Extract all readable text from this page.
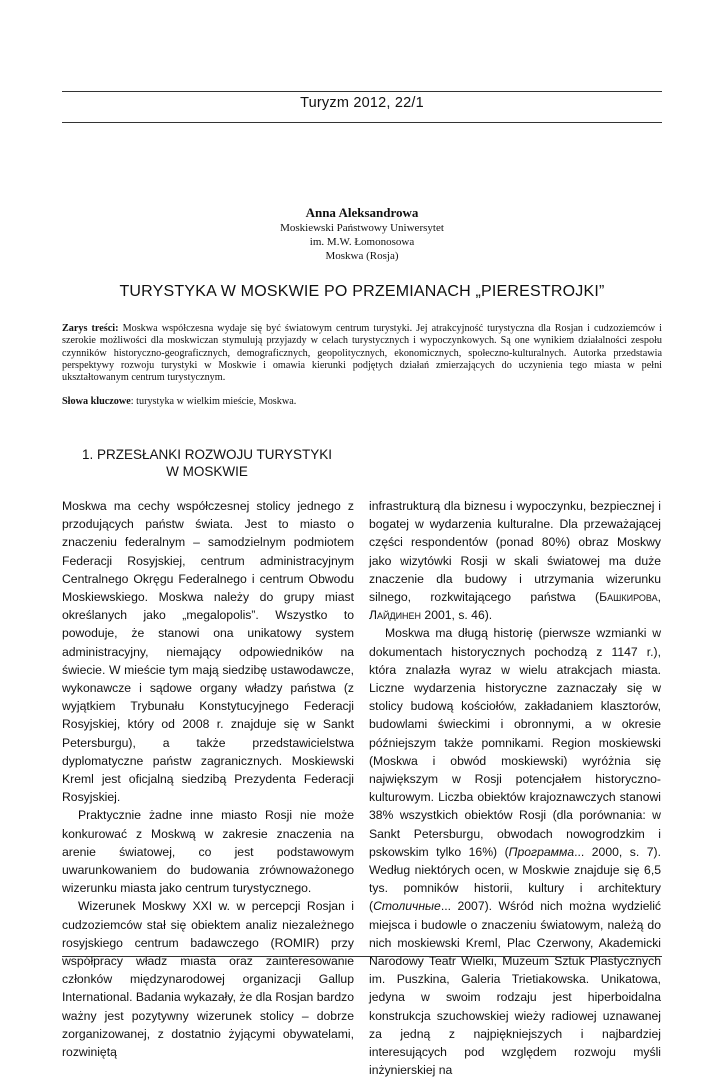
Turyzm 2012, 22/1
Anna Aleksandrowa
Moskiewski Państwowy Uniwersytet
im. M.W. Łomonosowa
Moskwa (Rosja)
TURYSTYKA W MOSKWIE PO PRZEMIANACH „PIERESTROJKI”
Zarys treści: Moskwa współczesna wydaje się być światowym centrum turystyki. Jej atrakcyjność turystyczna dla Rosjan i cudzoziemców i szerokie możliwości dla moskwiczan stymulują przyjazdy w celach turystycznych i wypoczynkowych. Są one wynikiem działalności zespołu czynników historyczno-geograficznych, demograficznych, geopolitycznych, ekonomicznych, społeczno-kulturalnych. Autorka przedstawia perspektywy rozwoju turystyki w Moskwie i omawia kierunki podjętych działań zmierzających do uczynienia tego miasta w pełni ukształtowanym centrum turystycznym.
Słowa kluczowe: turystyka w wielkim mieście, Moskwa.
1. PRZESŁANKI ROZWOJU TURYSTYKI
W MOSKWIE

Moskwa ma cechy współczesnej stolicy jednego z przodujących państw świata. Jest to miasto o znaczeniu federalnym – samodzielnym podmiotem Federacji Rosyjskiej, centrum administracyjnym Centralnego Okręgu Federalnego i centrum Obwodu Moskiewskiego. Moskwa należy do grupy miast określanych jako „megalopolis”. Wszystko to powoduje, że stanowi ona unikatowy system administracyjny, niemający odpowiedników na świecie. W mieście tym mają siedzibę ustawodawcze, wykonawcze i sądowe organy władzy państwa (z wyjątkiem Trybunału Konstytucyjnego Federacji Rosyjskiej, który od 2008 r. znajduje się w Sankt Petersburgu), a także przedstawicielstwa dyplomatyczne państw zagranicznych. Moskiewski Kreml jest oficjalną siedzibą Prezydenta Federacji Rosyjskiej.

Praktycznie żadne inne miasto Rosji nie może konkurować z Moskwą w zakresie znaczenia na arenie światowej, co jest podstawowym uwarunkowaniem do budowania zrównoważonego wizerunku miasta jako centrum turystycznego.

Wizerunek Moskwy XXI w. w percepcji Rosjan i cudzoziemców stał się obiektem analiz niezależnego rosyjskiego centrum badawczego (ROMIR) przy współpracy władz miasta oraz zainteresowanie członków międzynarodowej organizacji Gallup International. Badania wykazały, że dla Rosjan bardzo ważny jest pozytywny wizerunek stolicy – dobrze zorganizowanej, z dostatnio żyjącymi obywatelami, rozwiniętą

infrastrukturą dla biznesu i wypoczynku, bezpiecznej i bogatej w wydarzenia kulturalne. Dla przeważającej części respondentów (ponad 80%) obraz Moskwy jako wizytówki Rosji w skali światowej ma duże znaczenie dla budowy i utrzymania wizerunku silnego, rozkwitającego państwa (Башкирова, Лайдинен 2001, s. 46).

Moskwa ma długą historię (pierwsze wzmianki w dokumentach historycznych pochodzą z 1147 r.), która znalazła wyraz w wielu atrakcjach miasta. Liczne wydarzenia historyczne zaznaczały się w stolicy budową kościołów, zakładaniem klasztorów, budowlami świeckimi i obronnymi, a w okresie późniejszym także pomnikami. Region moskiewski (Moskwa i obwód moskiewski) wyróżnia się największym w Rosji potencjałem historyczno-kulturowym. Liczba obiektów krajoznawczych stanowi 38% wszystkich obiektów Rosji (dla porównania: w Sankt Petersburgu, obwodach nowogrodzkim i pskowskim tylko 16%) (Программа... 2000, s. 7). Według niektórych ocen, w Moskwie znajduje się 6,5 tys. pomników historii, kultury i architektury (Столичные... 2007). Wśród nich można wydzielić miejsca i budowle o znaczeniu światowym, należą do nich moskiewski Kreml, Plac Czerwony, Akademicki Narodowy Teatr Wielki, Muzeum Sztuk Plastycznych im. Puszkina, Galeria Trietiakowska. Unikatowa, jedyna w swoim rodzaju jest hiperboidalna konstrukcja szuchowskiej wieży radiowej uznawanej za jedną z najpiękniejszych i najbardziej interesujących pod względem rozwoju myśli inżynierskiej na
